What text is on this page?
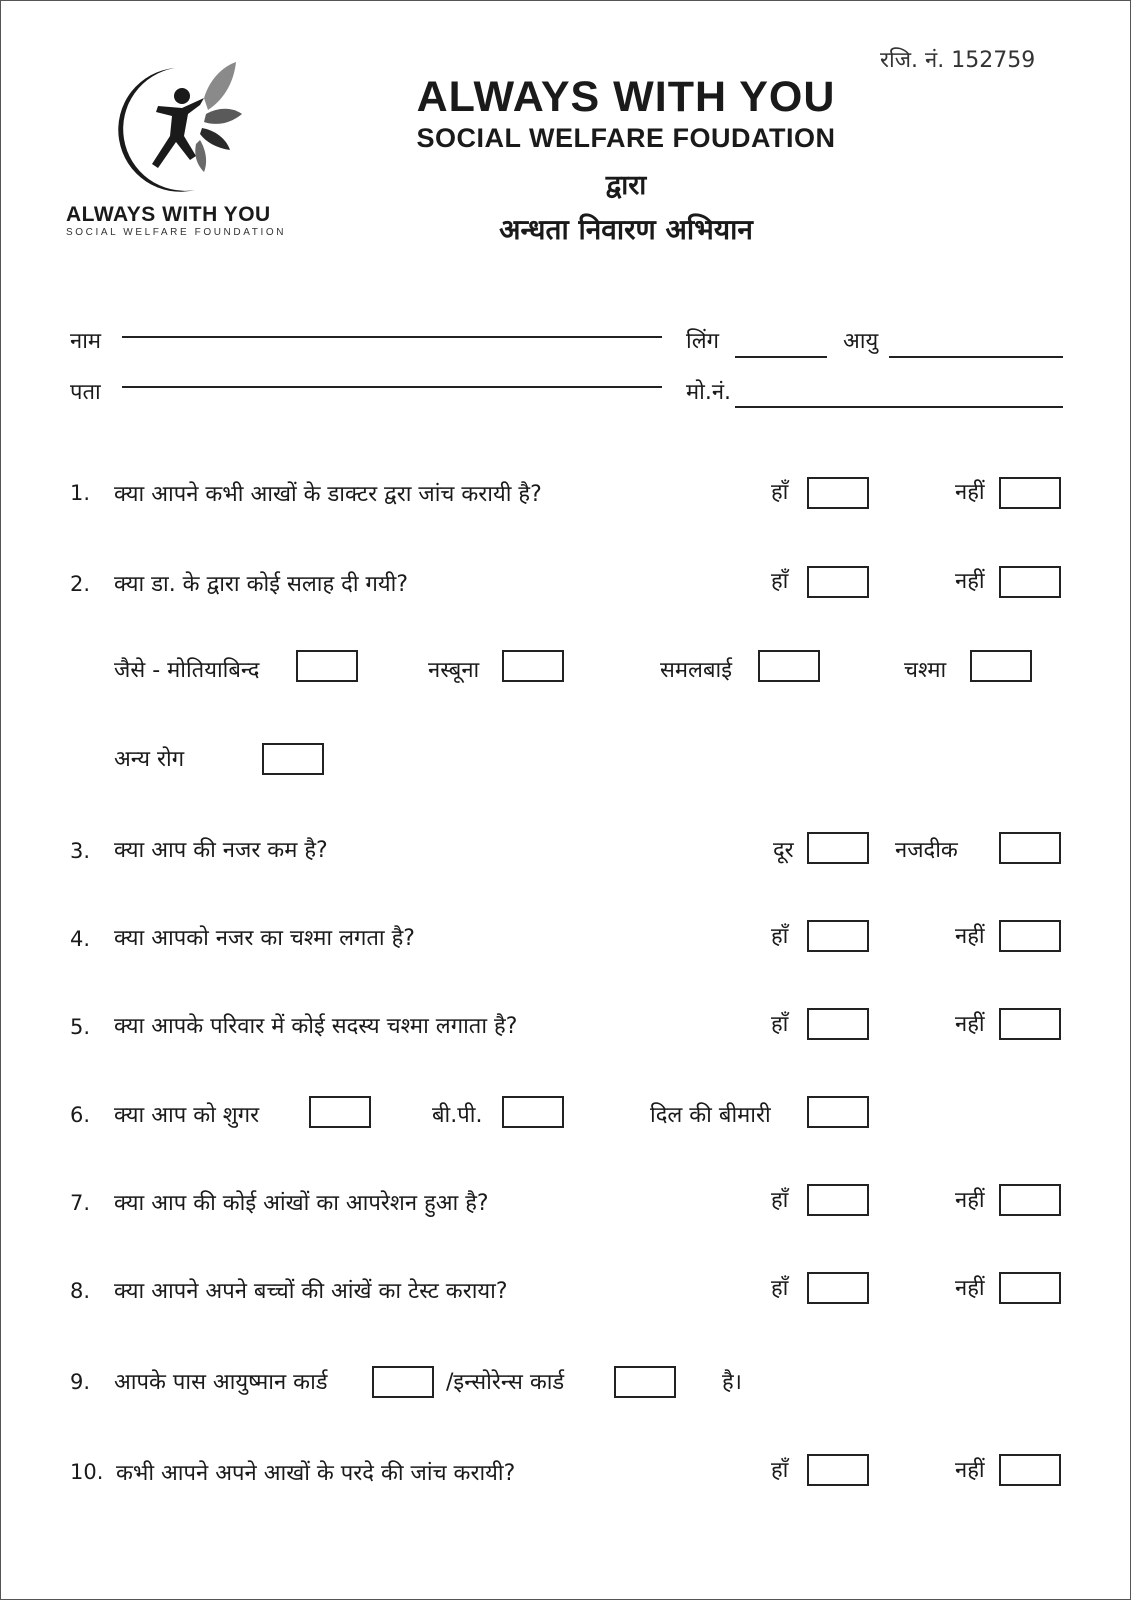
रजि. नं. 152759
ALWAYS WITH YOU
SOCIAL WELFARE FOUNDATION
ALWAYS WITH YOU
SOCIAL WELFARE FOUDATION
द्वारा
अन्धता निवारण अभियान
नाम	लिंग	आयु
पता	मो.नं.
1. क्या आपने कभी आखों के डाक्टर द्वरा जांच करायी है?	हाँ	नहीं
2. क्या डा. के द्वारा कोई सलाह दी गयी?	हाँ	नहीं
जैसे - मोतियाबिन्द	नस्बूना	समलबाई	चश्मा
अन्य रोग
3. क्या आप की नजर कम है?	दूर	नजदीक
4. क्या आपको नजर का चश्मा लगता है?	हाँ	नहीं
5. क्या आपके परिवार में कोई सदस्य चश्मा लगाता है?	हाँ	नहीं
6. क्या आप को शुगर	बी.पी.	दिल की बीमारी
7. क्या आप की कोई आंखों का आपरेशन हुआ है?	हाँ	नहीं
8. क्या आपने अपने बच्चों की आंखें का टेस्ट कराया?	हाँ	नहीं
9. आपके पास आयुष्मान कार्ड	/इन्सोरेन्स कार्ड	है।
10. कभी आपने अपने आखों के परदे की जांच करायी?	हाँ	नहीं
